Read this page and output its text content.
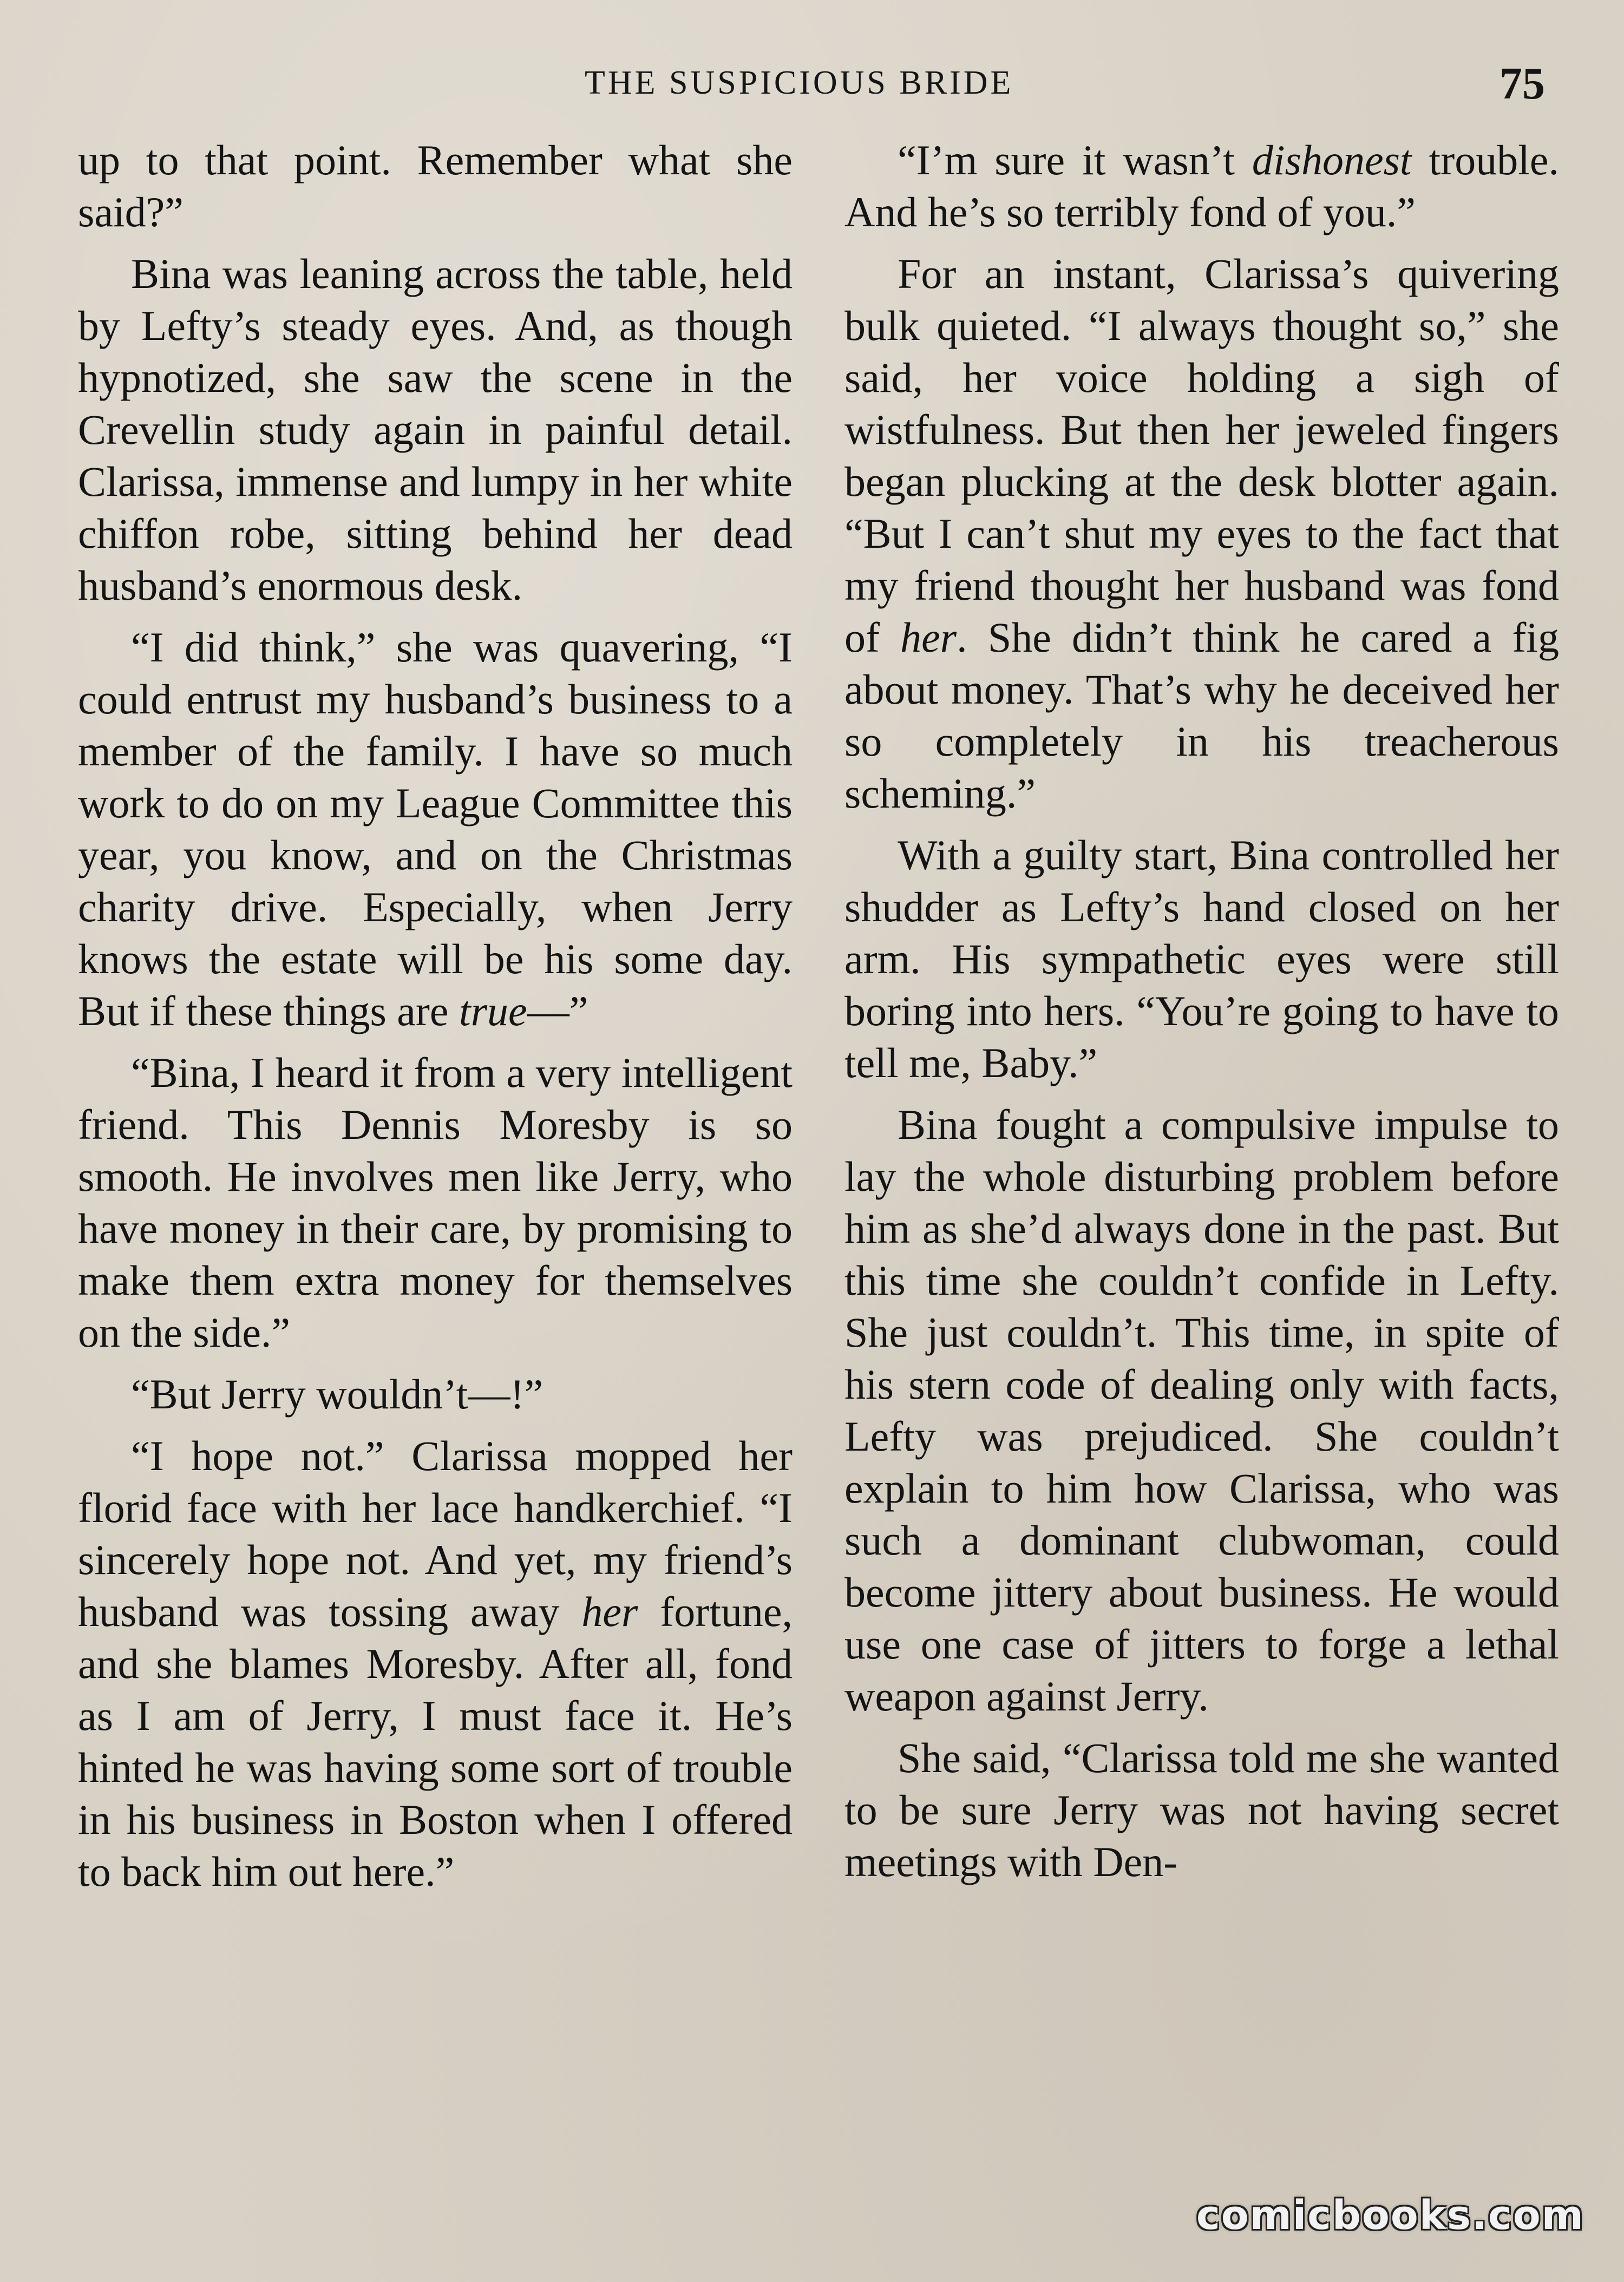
THE SUSPICIOUS BRIDE	75

up to that point. Remember what she said?”

Bina was leaning across the table, held by Lefty’s steady eyes. And, as though hypnotized, she saw the scene in the Crevellin study again in painful detail. Clarissa, immense and lumpy in her white chiffon robe, sitting behind her dead husband’s enormous desk.

“I did think,” she was quavering, “I could entrust my husband’s business to a member of the family. I have so much work to do on my League Committee this year, you know, and on the Christmas charity drive. Especially, when Jerry knows the estate will be his some day. But if these things are true—”

“Bina, I heard it from a very intelligent friend. This Dennis Moresby is so smooth. He involves men like Jerry, who have money in their care, by promising to make them extra money for themselves on the side.”

“But Jerry wouldn’t—!”

“I hope not.” Clarissa mopped her florid face with her lace handkerchief. “I sincerely hope not. And yet, my friend’s husband was tossing away her fortune, and she blames Moresby. After all, fond as I am of Jerry, I must face it. He’s hinted he was having some sort of trouble in his business in Boston when I offered to back him out here.”

“I’m sure it wasn’t dishonest trouble. And he’s so terribly fond of you.”

For an instant, Clarissa’s quivering bulk quieted. “I always thought so,” she said, her voice holding a sigh of wistfulness. But then her jeweled fingers began plucking at the desk blotter again. “But I can’t shut my eyes to the fact that my friend thought her husband was fond of her. She didn’t think he cared a fig about money. That’s why he deceived her so completely in his treacherous scheming.”

With a guilty start, Bina controlled her shudder as Lefty’s hand closed on her arm. His sympathetic eyes were still boring into hers. “You’re going to have to tell me, Baby.”

Bina fought a compulsive impulse to lay the whole disturbing problem before him as she’d always done in the past. But this time she couldn’t confide in Lefty. She just couldn’t. This time, in spite of his stern code of dealing only with facts, Lefty was prejudiced. She couldn’t explain to him how Clarissa, who was such a dominant clubwoman, could become jittery about business. He would use one case of jitters to forge a lethal weapon against Jerry.

She said, “Clarissa told me she wanted to be sure Jerry was not having secret meetings with Den-

comicbooks.com
